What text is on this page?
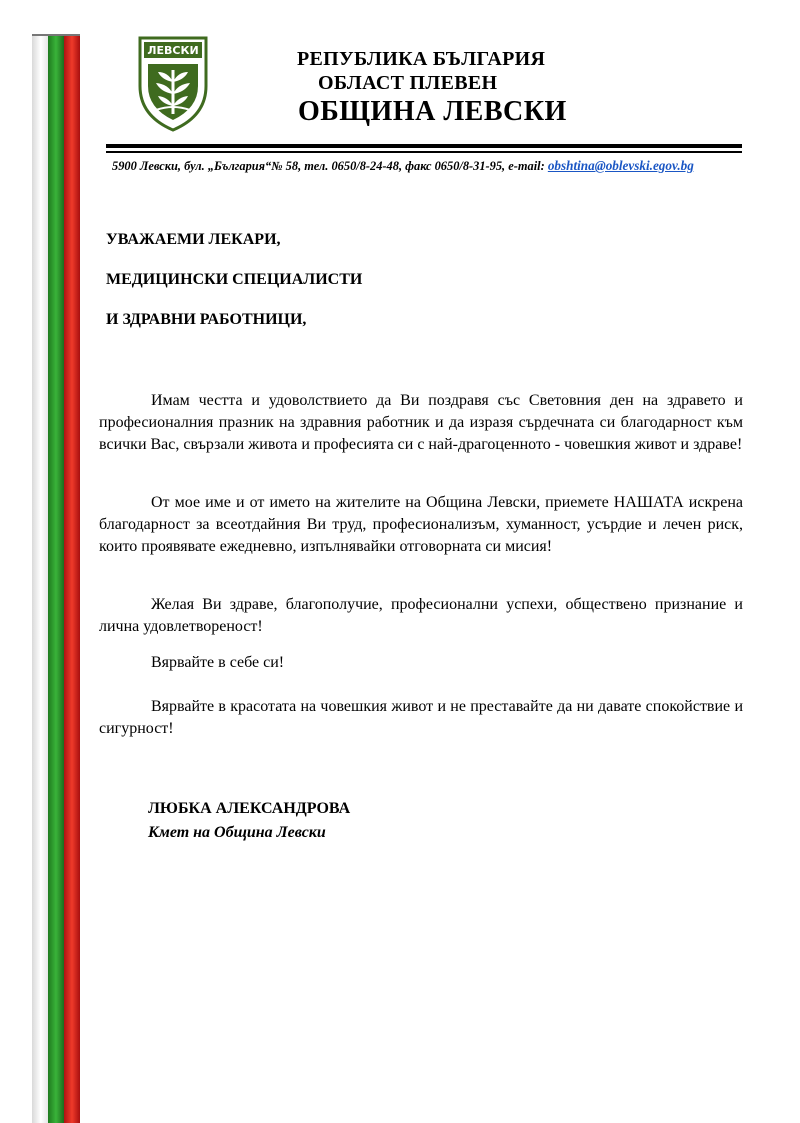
ЛЕВСКИ	РЕПУБЛИКА БЪЛГАРИЯ
ОБЛАСТ ПЛЕВЕН
ОБЩИНА ЛЕВСКИ
5900 Левски, бул. „България“№ 58, тел. 0650/8-24-48, факс 0650/8-31-95, e-mail: obshtina@oblevski.egov.bg
УВАЖАЕМИ ЛЕКАРИ,
МЕДИЦИНСКИ СПЕЦИАЛИСТИ
И ЗДРАВНИ РАБОТНИЦИ,

Имам честта и удоволствието да Ви поздравя със Световния ден на здравето и професионалния празник на здравния работник и да изразя сърдечната си благодарност към всички Вас, свързали живота и професията си с най-драгоценното - човешкия живот и здраве!

От мое име и от името на жителите на Община Левски, приемете НАШАТА искрена благодарност за всеотдайния Ви труд, професионализъм, хуманност, усърдие и лечен риск, които проявявате ежедневно, изпълнявайки отговорната си мисия!

Желая Ви здраве, благополучие, професионални успехи, обществено признание и лична удовлетвореност!

Вярвайте в себе си!

Вярвайте в красотата на човешкия живот и не преставайте да ни давате спокойствие и сигурност!

ЛЮБКА АЛЕКСАНДРОВА
Кмет на Община Левски
